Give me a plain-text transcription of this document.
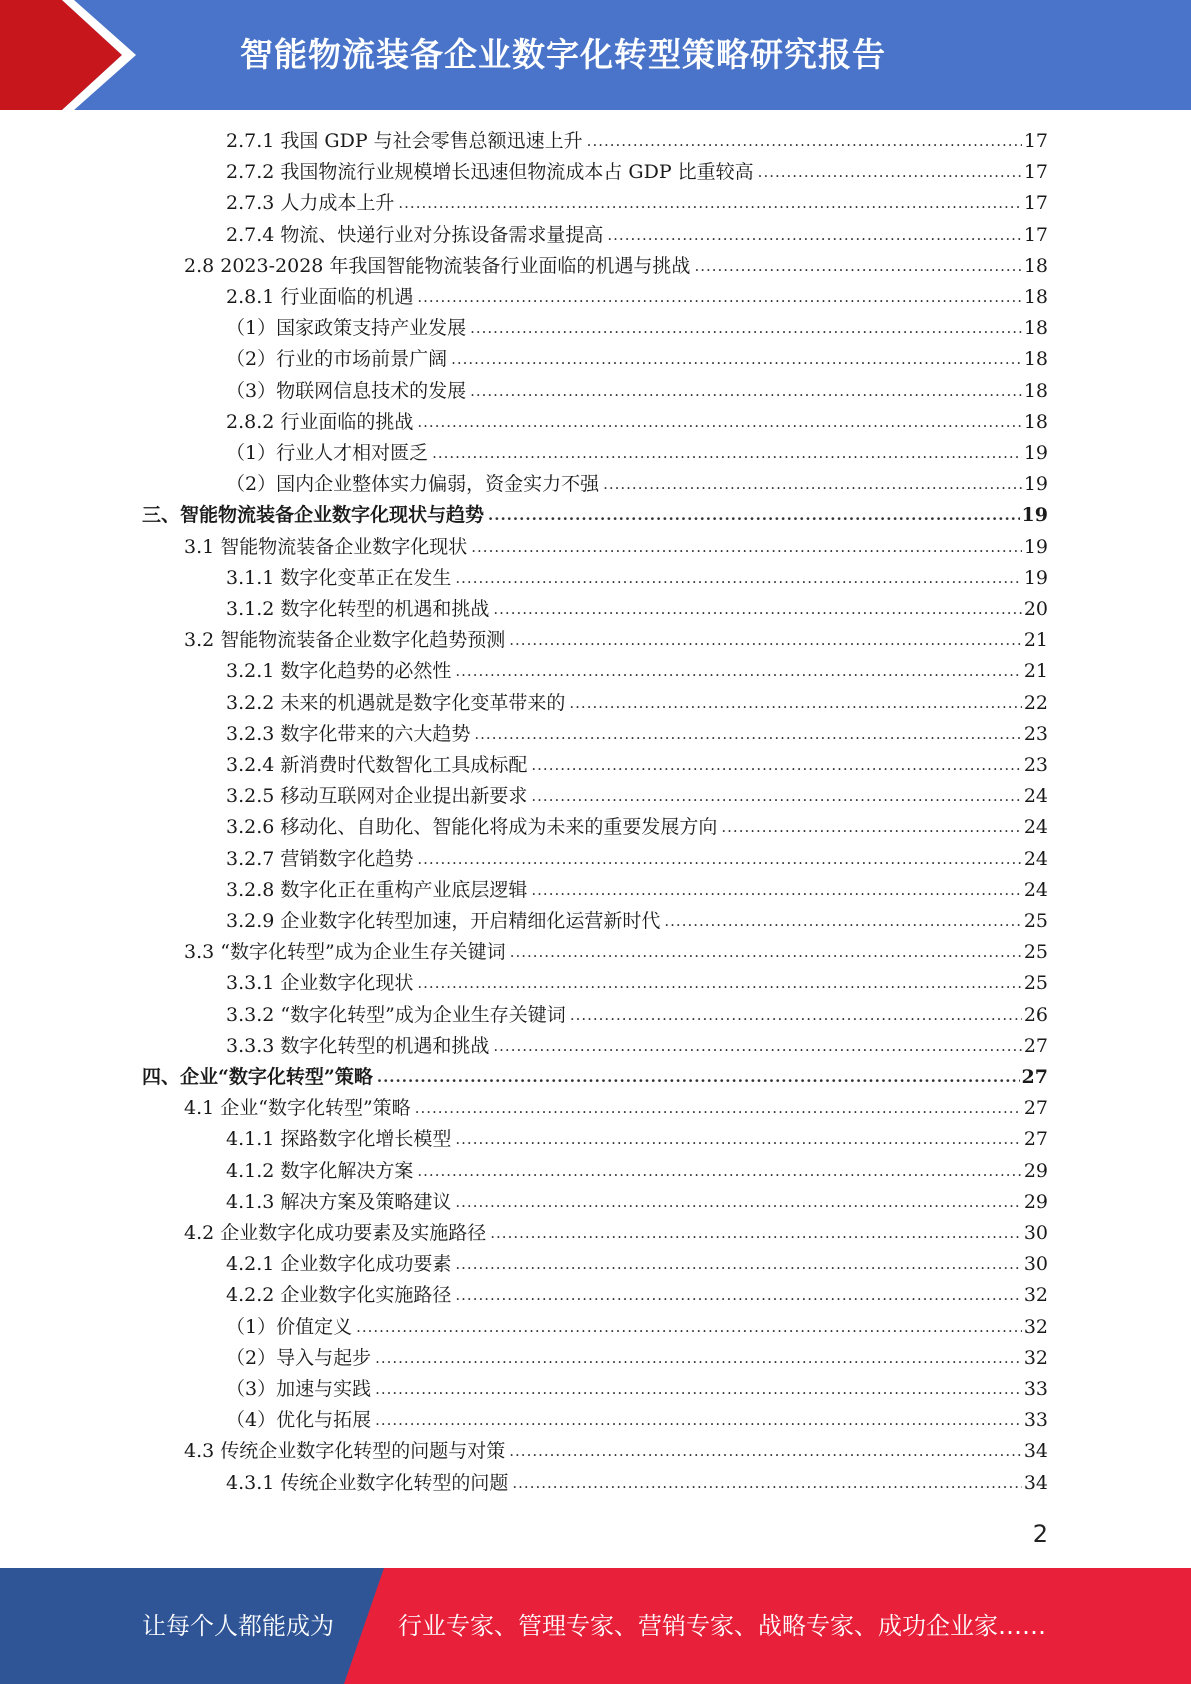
智能物流装备企业数字化转型策略研究报告
2.7.1 我国 GDP 与社会零售总额迅速上升 .....	17
2.7.2 我国物流行业规模增长迅速但物流成本占 GDP 比重较高 .....	17
2.7.3 人力成本上升 .....	17
2.7.4 物流、快递行业对分拣设备需求量提高 .....	17
2.8 2023-2028 年我国智能物流装备行业面临的机遇与挑战 .....	18
2.8.1 行业面临的机遇 .....	18
（1）国家政策支持产业发展 .....	18
（2）行业的市场前景广阔 .....	18
（3）物联网信息技术的发展 .....	18
2.8.2 行业面临的挑战 .....	18
（1）行业人才相对匮乏 .....	19
（2）国内企业整体实力偏弱，资金实力不强 .....	19
三、智能物流装备企业数字化现状与趋势 .....	19
3.1 智能物流装备企业数字化现状 .....	19
3.1.1 数字化变革正在发生 .....	19
3.1.2 数字化转型的机遇和挑战 .....	20
3.2 智能物流装备企业数字化趋势预测 .....	21
3.2.1 数字化趋势的必然性 .....	21
3.2.2 未来的机遇就是数字化变革带来的 .....	22
3.2.3 数字化带来的六大趋势 .....	23
3.2.4 新消费时代数智化工具成标配 .....	23
3.2.5 移动互联网对企业提出新要求 .....	24
3.2.6 移动化、自助化、智能化将成为未来的重要发展方向 .....	24
3.2.7 营销数字化趋势 .....	24
3.2.8 数字化正在重构产业底层逻辑 .....	24
3.2.9 企业数字化转型加速，开启精细化运营新时代 .....	25
3.3 “数字化转型”成为企业生存关键词 .....	25
3.3.1 企业数字化现状 .....	25
3.3.2 “数字化转型”成为企业生存关键词 .....	26
3.3.3 数字化转型的机遇和挑战 .....	27
四、企业“数字化转型”策略 .....	27
4.1 企业“数字化转型”策略 .....	27
4.1.1 探路数字化增长模型 .....	27
4.1.2 数字化解决方案 .....	29
4.1.3 解决方案及策略建议 .....	29
4.2 企业数字化成功要素及实施路径 .....	30
4.2.1 企业数字化成功要素 .....	30
4.2.2 企业数字化实施路径 .....	32
（1）价值定义 .....	32
（2）导入与起步 .....	32
（3）加速与实践 .....	33
（4）优化与拓展 .....	33
4.3 传统企业数字化转型的问题与对策 .....	34
4.3.1 传统企业数字化转型的问题 .....	34
2
让每个人都能成为	行业专家、管理专家、营销专家、战略专家、成功企业家……
